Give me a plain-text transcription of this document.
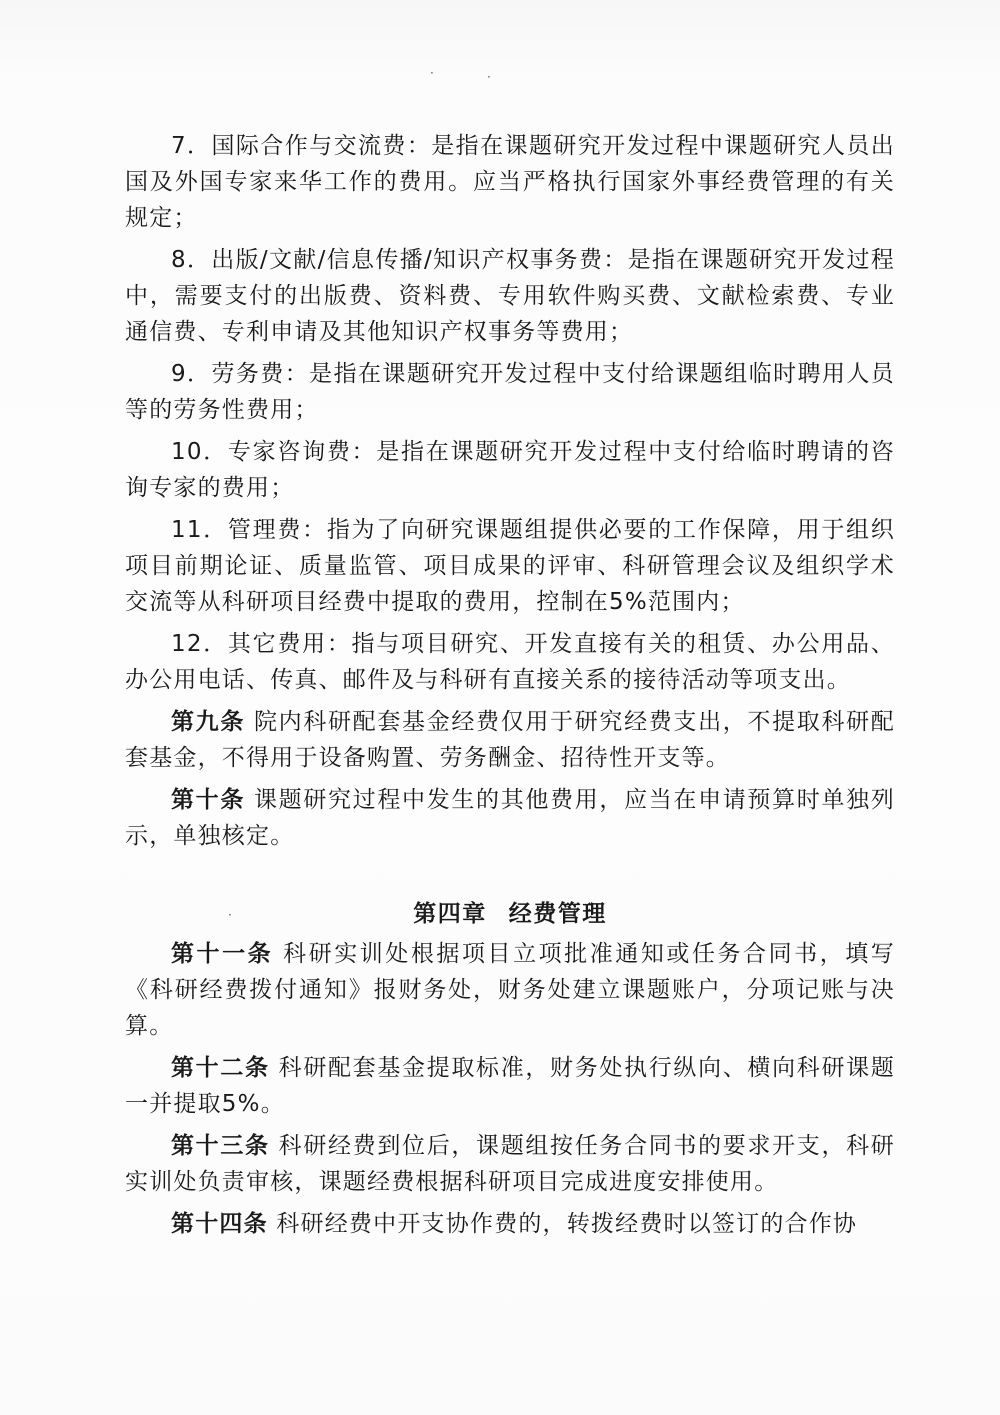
·	·
·

7．国际合作与交流费：是指在课题研究开发过程中课题研究人员出国及外国专家来华工作的费用。应当严格执行国家外事经费管理的有关规定；

8．出版/文献/信息传播/知识产权事务费：是指在课题研究开发过程中，需要支付的出版费、资料费、专用软件购买费、文献检索费、专业通信费、专利申请及其他知识产权事务等费用；

9．劳务费：是指在课题研究开发过程中支付给课题组临时聘用人员等的劳务性费用；

10．专家咨询费：是指在课题研究开发过程中支付给临时聘请的咨询专家的费用；

11．管理费：指为了向研究课题组提供必要的工作保障，用于组织项目前期论证、质量监管、项目成果的评审、科研管理会议及组织学术交流等从科研项目经费中提取的费用，控制在5%范围内；

12．其它费用：指与项目研究、开发直接有关的租赁、办公用品、办公用电话、传真、邮件及与科研有直接关系的接待活动等项支出。

第九条 院内科研配套基金经费仅用于研究经费支出，不提取科研配套基金，不得用于设备购置、劳务酬金、招待性开支等。

第十条 课题研究过程中发生的其他费用，应当在申请预算时单独列示，单独核定。

第四章 经费管理

第十一条 科研实训处根据项目立项批准通知或任务合同书，填写《科研经费拨付通知》报财务处，财务处建立课题账户，分项记账与决算。

第十二条 科研配套基金提取标准，财务处执行纵向、横向科研课题一并提取5%。

第十三条 科研经费到位后，课题组按任务合同书的要求开支，科研实训处负责审核，课题经费根据科研项目完成进度安排使用。

第十四条 科研经费中开支协作费的，转拨经费时以签订的合作协
